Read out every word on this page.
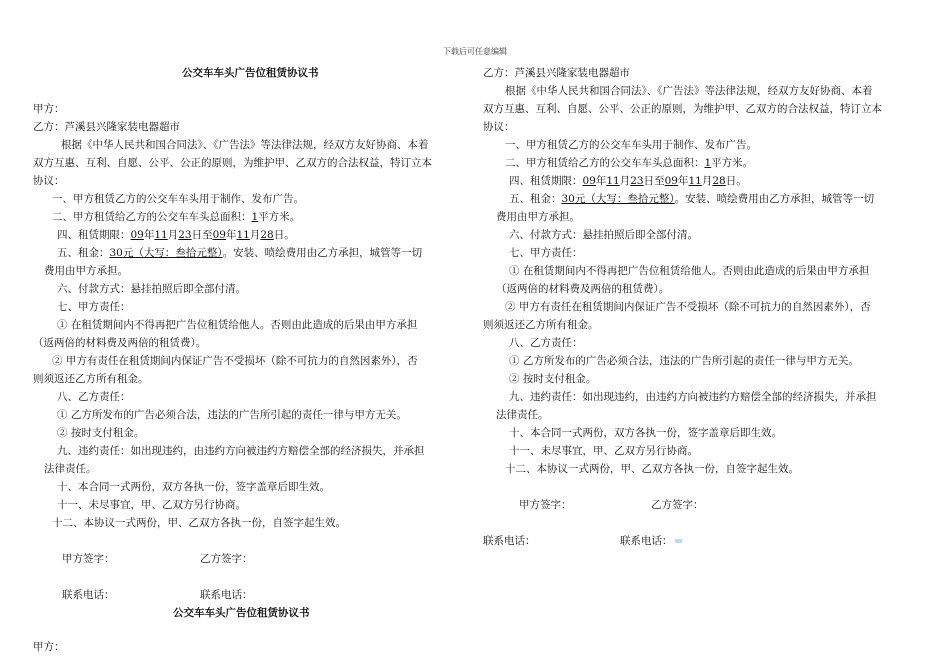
下载后可任意编辑
公交车车头广告位租赁协议书
甲方：
乙方：芦溪县兴隆家装电器超市
根据《中华人民共和国合同法》、《广告法》等法律法规，经双方友好协商、本着
双方互惠、互利、自愿、公平、公正的原则，为维护甲、乙双方的合法权益，特订立本
协议：
一、甲方租赁乙方的公交车车头用于制作、发布广告。
二、甲方租赁给乙方的公交车车头总面积：1平方米。
四、租赁期限：09年11月23日至09年11月28日。
五、租金：30元（大写：叁拾元整）。安装、喷绘费用由乙方承担，城管等一切
费用由甲方承担。
六、付款方式：悬挂拍照后即全部付清。
七、甲方责任：
① 在租赁期间内不得再把广告位租赁给他人。否则由此造成的后果由甲方承担
（返两倍的材料费及两倍的租赁费）。
② 甲方有责任在租赁期间内保证广告不受损坏（除不可抗力的自然因素外），否
则须返还乙方所有租金。
八、乙方责任：
① 乙方所发布的广告必须合法，违法的广告所引起的责任一律与甲方无关。
② 按时支付租金。
九、违约责任：如出现违约，由违约方向被违约方赔偿全部的经济损失，并承担
法律责任。
十、本合同一式两份，双方各执一份，签字盖章后即生效。
十一、未尽事宜，甲、乙双方另行协商。
十二、本协议一式两份，甲、乙双方各执一份，自签字起生效。
甲方签字：	乙方签字：
联系电话：	联系电话：
公交车车头广告位租赁协议书
甲方：
乙方：芦溪县兴隆家装电器超市
根据《中华人民共和国合同法》、《广告法》等法律法规，经双方友好协商、本着
双方互惠、互利、自愿、公平、公正的原则，为维护甲、乙双方的合法权益，特订立本
协议：
一、甲方租赁乙方的公交车车头用于制作、发布广告。
二、甲方租赁给乙方的公交车车头总面积：1平方米。
四、租赁期限：09年11月23日至09年11月28日。
五、租金：30元（大写：叁拾元整）。安装、喷绘费用由乙方承担，城管等一切
费用由甲方承担。
六、付款方式：悬挂拍照后即全部付清。
七、甲方责任：
① 在租赁期间内不得再把广告位租赁给他人。否则由此造成的后果由甲方承担
（返两倍的材料费及两倍的租赁费）。
② 甲方有责任在租赁期间内保证广告不受损坏（除不可抗力的自然因素外），否
则须返还乙方所有租金。
八、乙方责任：
① 乙方所发布的广告必须合法，违法的广告所引起的责任一律与甲方无关。
② 按时支付租金。
九、违约责任：如出现违约，由违约方向被违约方赔偿全部的经济损失，并承担
法律责任。
十、本合同一式两份，双方各执一份，签字盖章后即生效。
十一、未尽事宜，甲、乙双方另行协商。
十二、本协议一式两份，甲、乙双方各执一份，自签字起生效。
甲方签字：	乙方签字：
联系电话：	联系电话：
